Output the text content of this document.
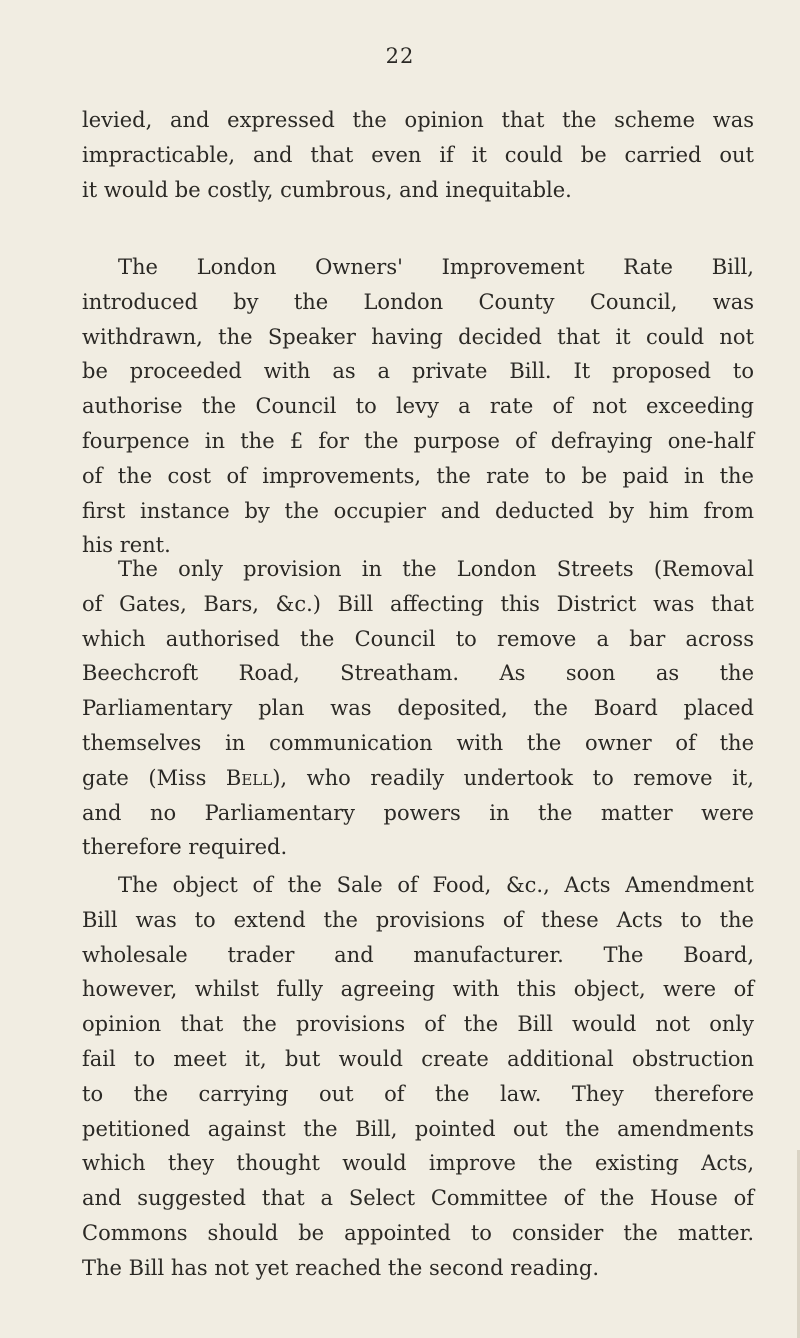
22
levied, and expressed the opinion that the scheme was
impracticable, and that even if it could be carried out
it would be costly, cumbrous, and inequitable.
The London Owners' Improvement Rate Bill,
introduced by the London County Council, was
withdrawn, the Speaker having decided that it could not
be proceeded with as a private Bill. It proposed to
authorise the Council to levy a rate of not exceeding
fourpence in the £ for the purpose of defraying one-half
of the cost of improvements, the rate to be paid in the
first instance by the occupier and deducted by him from
his rent.
The only provision in the London Streets (Removal
of Gates, Bars, &c.) Bill affecting this District was that
which authorised the Council to remove a bar across
Beechcroft Road, Streatham. As soon as the
Parliamentary plan was deposited, the Board placed
themselves in communication with the owner of the
gate (Miss Bell), who readily undertook to remove it,
and no Parliamentary powers in the matter were
therefore required.
The object of the Sale of Food, &c., Acts Amendment
Bill was to extend the provisions of these Acts to the
wholesale trader and manufacturer. The Board,
however, whilst fully agreeing with this object, were of
opinion that the provisions of the Bill would not only
fail to meet it, but would create additional obstruction
to the carrying out of the law. They therefore
petitioned against the Bill, pointed out the amendments
which they thought would improve the existing Acts,
and suggested that a Select Committee of the House of
Commons should be appointed to consider the matter.
The Bill has not yet reached the second reading.
